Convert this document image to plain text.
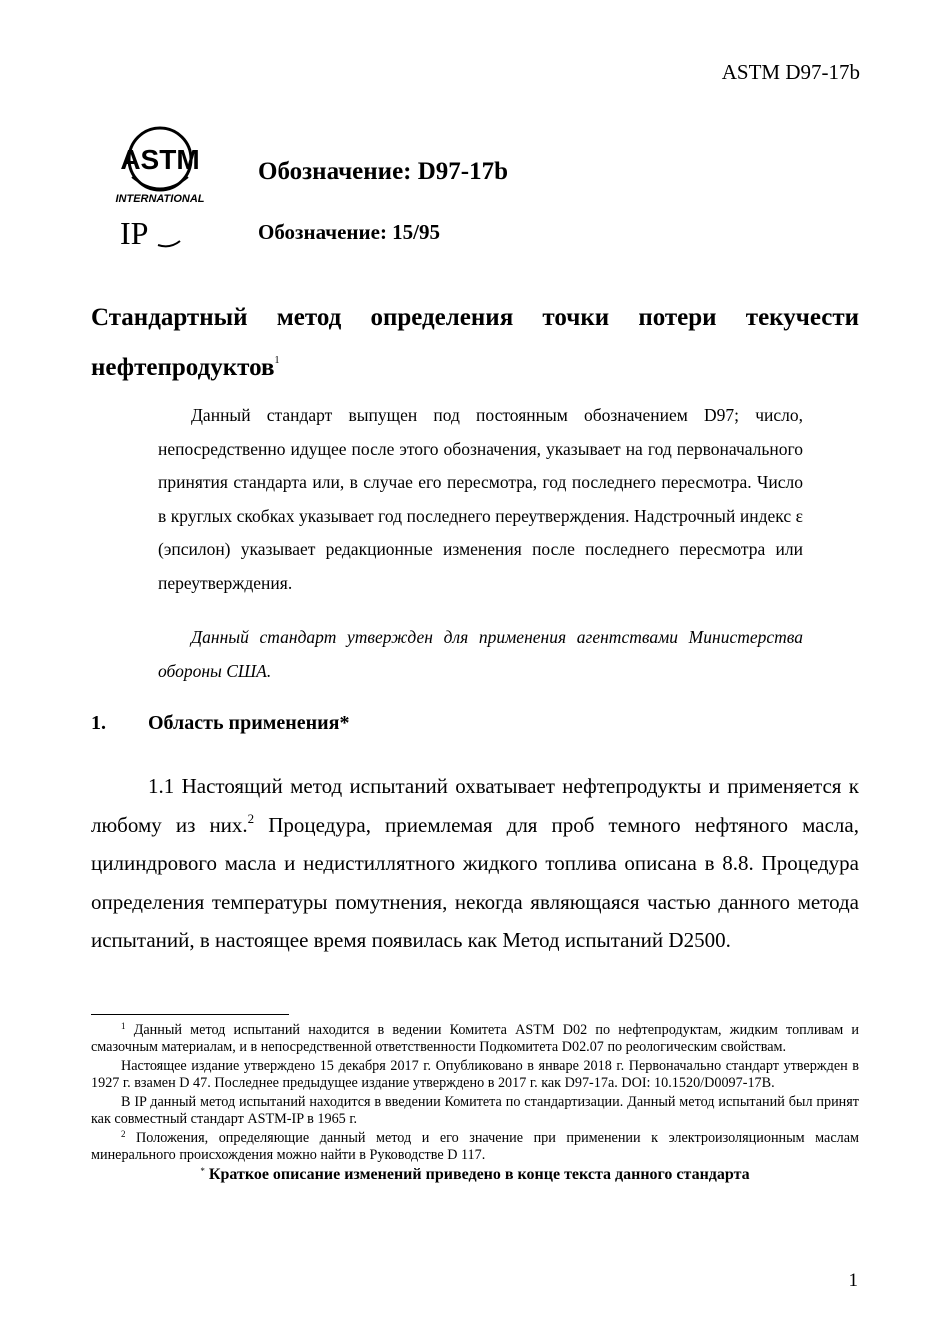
ASTM D97-17b
ASTM
INTERNATIONAL
IP
Обозначение: D97-17b
Обозначение: 15/95
Стандартный метод определения точки потери текучести нефтепродуктов$^1$
Данный стандарт выпущен под постоянным обозначением D97; число, непосредственно идущее после этого обозначения, указывает на год первоначального принятия стандарта или, в случае его пересмотра, год последнего пересмотра. Число в круглых скобках указывает год последнего переутверждения. Надстрочный индекс ε (эпсилон) указывает редакционные изменения после последнего пересмотра или переутверждения.
Данный стандарт утвержден для применения агентствами Министерства обороны США.
1. Область применения*
1.1 Настоящий метод испытаний охватывает нефтепродукты и применяется к любому из них.$^2$ Процедура, приемлемая для проб темного нефтяного масла, цилиндрового масла и недистиллятного жидкого топлива описана в 8.8. Процедура определения температуры помутнения, некогда являющаяся частью данного метода испытаний, в настоящее время появилась как Метод испытаний D2500.

$^1$ Данный метод испытаний находится в ведении Комитета ASTM D02 по нефтепродуктам, жидким топливам и смазочным материалам, и в непосредственной ответственности Подкомитета D02.07 по реологическим свойствам.

Настоящее издание утверждено 15 декабря 2017 г. Опубликовано в январе 2018 г. Первоначально стандарт утвержден в 1927 г. взамен D 47. Последнее предыдущее издание утверждено в 2017 г. как D97-17a. DOI: 10.1520/D0097-17B.

В IP данный метод испытаний находится в введении Комитета по стандартизации. Данный метод испытаний был принят как совместный стандарт ASTM-IP в 1965 г.

$^2$ Положения, определяющие данный метод и его значение при применении к электроизоляционным маслам минерального происхождения можно найти в Руководстве D 117.

* Краткое описание изменений приведено в конце текста данного стандарта

1
